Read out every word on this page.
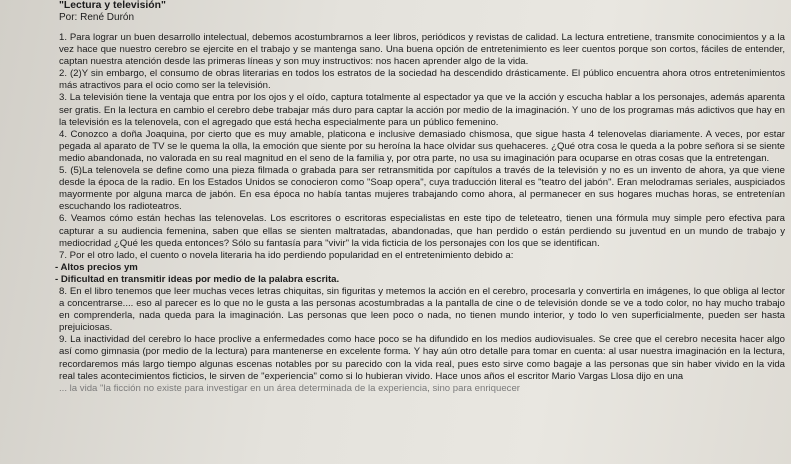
"Lectura y televisión"
Por: René Durón

1. Para lograr un buen desarrollo intelectual, debemos acostumbrarnos a leer libros, periódicos y revistas de calidad. La lectura entretiene, transmite conocimientos y a la vez hace que nuestro cerebro se ejercite en el trabajo y se mantenga sano. Una buena opción de entretenimiento es leer cuentos porque son cortos, fáciles de entender, captan nuestra atención desde las primeras líneas y son muy instructivos: nos hacen aprender algo de la vida.

2. (2)Y sin embargo, el consumo de obras literarias en todos los estratos de la sociedad ha descendido drásticamente. El público encuentra ahora otros entretenimientos más atractivos para el ocio como ser la televisión.

3. La televisión tiene la ventaja que entra por los ojos y el oído, captura totalmente al espectador ya que ve la acción y escucha hablar a los personajes, además aparenta ser gratis. En la lectura en cambio el cerebro debe trabajar más duro para captar la acción por medio de la imaginación. Y uno de los programas más adictivos que hay en la televisión es la telenovela, con el agregado que está hecha especialmente para un público femenino.

4. Conozco a doña Joaquina, por cierto que es muy amable, platicona e inclusive demasiado chismosa, que sigue hasta 4 telenovelas diariamente. A veces, por estar pegada al aparato de TV se le quema la olla, la emoción que siente por su heroína la hace olvidar sus quehaceres. ¿Qué otra cosa le queda a la pobre señora si se siente medio abandonada, no valorada en su real magnitud en el seno de la familia y, por otra parte, no usa su imaginación para ocuparse en otras cosas que la entretengan.

5. (5)La telenovela se define como una pieza filmada o grabada para ser retransmitida por capítulos a través de la televisión y no es un invento de ahora, ya que viene desde la época de la radio. En los Estados Unidos se conocieron como "Soap opera", cuya traducción literal es "teatro del jabón". Eran melodramas seriales, auspiciados mayormente por alguna marca de jabón. En esa época no había tantas mujeres trabajando como ahora, al permanecer en sus hogares muchas horas, se entretenían escuchando los radioteatros.

6. Veamos cómo están hechas las telenovelas. Los escritores o escritoras especialistas en este tipo de teleteatro, tienen una fórmula muy simple pero efectiva para capturar a su audiencia femenina, saben que ellas se sienten maltratadas, abandonadas, que han perdido o están perdiendo su juventud en un mundo de trabajo y mediocridad ¿Qué les queda entonces? Sólo su fantasía para "vivir" la vida ficticia de los personajes con los que se identifican.

7. Por el otro lado, el cuento o novela literaria ha ido perdiendo popularidad en el entretenimiento debido a:

- Altos precios ym

- Dificultad en transmitir ideas por medio de la palabra escrita.

8. En el libro tenemos que leer muchas veces letras chiquitas, sin figuritas y metemos la acción en el cerebro, procesarla y convertirla en imágenes, lo que obliga al lector a concentrarse.... eso al parecer es lo que no le gusta a las personas acostumbradas a la pantalla de cine o de televisión donde se ve a todo color, no hay mucho trabajo en comprenderla, nada queda para la imaginación. Las personas que leen poco o nada, no tienen mundo interior, y todo lo ven superficialmente, pueden ser hasta prejuiciosas.

9. La inactividad del cerebro lo hace proclive a enfermedades como hace poco se ha difundido en los medios audiovisuales. Se cree que el cerebro necesita hacer algo así como gimnasia (por medio de la lectura) para mantenerse en excelente forma. Y hay aún otro detalle para tomar en cuenta: al usar nuestra imaginación en la lectura, recordaremos más largo tiempo algunas escenas notables por su parecido con la vida real, pues esto sirve como bagaje a las personas que sin haber vivido en la vida real tales acontecimientos ficticios, le sirven de "experiencia" como si lo hubieran vivido. Hace unos años el escritor Mario Vargas Llosa dijo en una

... la vida "la ficción no existe para investigar en un área determinada de la experiencia, sino para enriquecer
